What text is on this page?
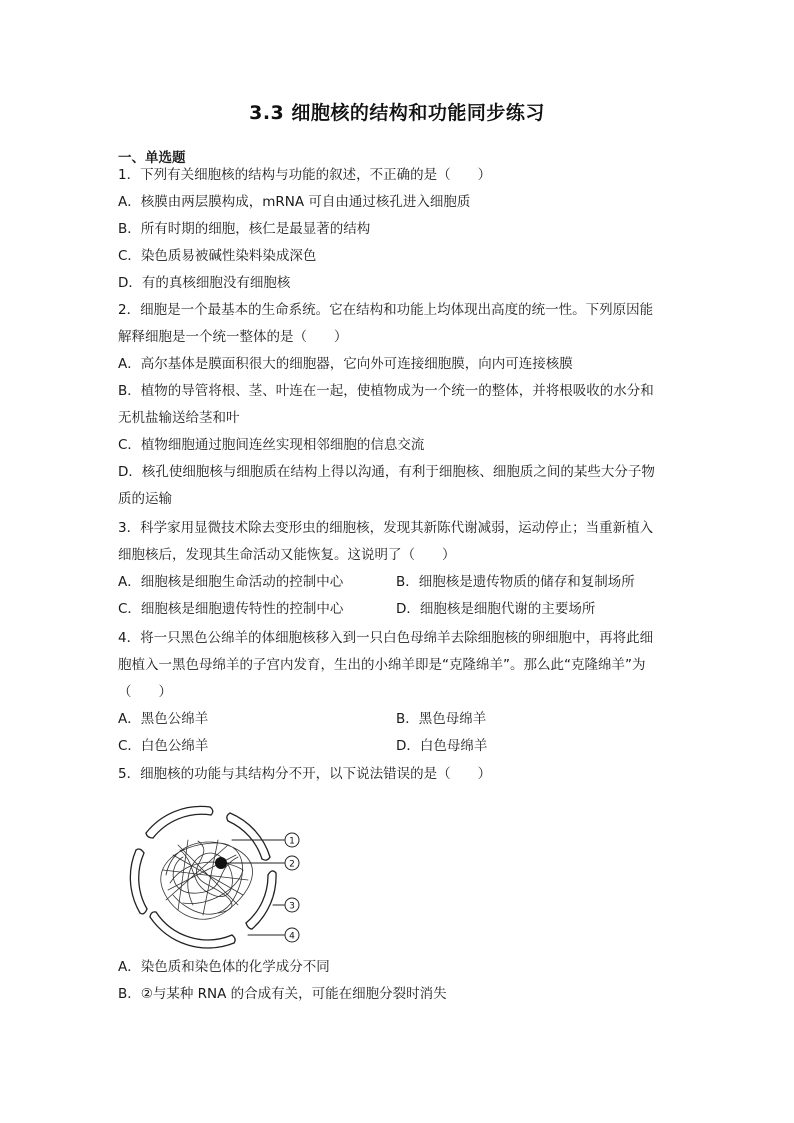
3.3 细胞核的结构和功能同步练习
一、单选题
1．下列有关细胞核的结构与功能的叙述，不正确的是（　　）
A．核膜由两层膜构成，mRNA 可自由通过核孔进入细胞质
B．所有时期的细胞，核仁是最显著的结构
C．染色质易被碱性染料染成深色
D．有的真核细胞没有细胞核
2．细胞是一个最基本的生命系统。它在结构和功能上均体现出高度的统一性。下列原因能
解释细胞是一个统一整体的是（　　）
A．高尔基体是膜面积很大的细胞器，它向外可连接细胞膜，向内可连接核膜
B．植物的导管将根、茎、叶连在一起，使植物成为一个统一的整体，并将根吸收的水分和
无机盐输送给茎和叶
C．植物细胞通过胞间连丝实现相邻细胞的信息交流
D．核孔使细胞核与细胞质在结构上得以沟通，有利于细胞核、细胞质之间的某些大分子物
质的运输
3．科学家用显微技术除去变形虫的细胞核，发现其新陈代谢减弱，运动停止；当重新植入
细胞核后，发现其生命活动又能恢复。这说明了（　　）
A．细胞核是细胞生命活动的控制中心	B．细胞核是遗传物质的储存和复制场所
C．细胞核是细胞遗传特性的控制中心	D．细胞核是细胞代谢的主要场所
4．将一只黑色公绵羊的体细胞核移入到一只白色母绵羊去除细胞核的卵细胞中，再将此细
胞植入一黑色母绵羊的子宫内发育，生出的小绵羊即是“克隆绵羊”。那么此“克隆绵羊”为
（　　）
A．黑色公绵羊	B．黑色母绵羊
C．白色公绵羊	D．白色母绵羊
5．细胞核的功能与其结构分不开，以下说法错误的是（　　）
1
2
3
4
A．染色质和染色体的化学成分不同
B．②与某种 RNA 的合成有关，可能在细胞分裂时消失
